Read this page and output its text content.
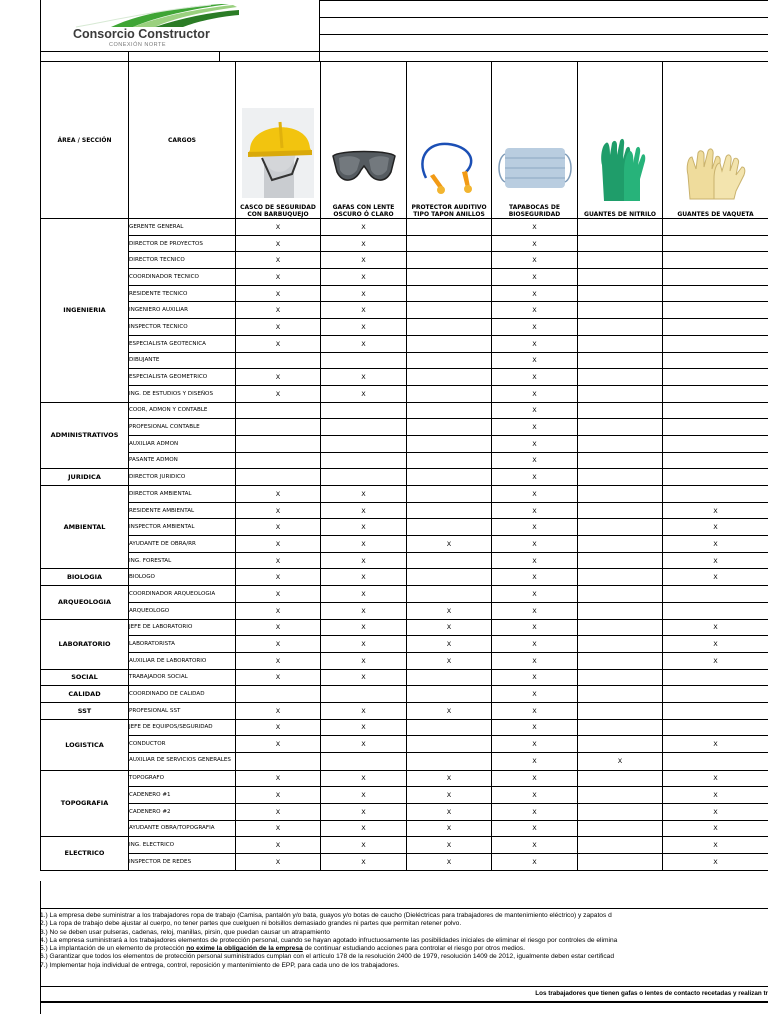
Consorcio Constructor
CONEXIÓN NORTE
ÁREA / SECCIÓN	CARGOS	CASCO DE SEGURIDAD CON BARBUQUEJO	GAFAS CON LENTE OSCURO Ó CLARO	PROTECTOR AUDITIVO TIPO TAPON ANILLOS	TAPABOCAS DE BIOSEGURIDAD	GUANTES DE NITRILO	GUANTES DE VAQUETA
INGENIERIA	GERENTE GENERAL	X	X		X		
	DIRECTOR DE PROYECTOS	X	X		X		
	DIRECTOR TECNICO	X	X		X		
	COORDINADOR TECNICO	X	X		X		
	RESIDENTE TECNICO	X	X		X		
	INGENIERO AUXILIAR	X	X		X		
	INSPECTOR TECNICO	X	X		X		
	ESPECIALISTA GEOTECNICA	X	X		X		
	DIBUJANTE				X		
	ESPECIALISTA GEOMETRICO	X	X		X		
	ING. DE ESTUDIOS Y DISEÑOS	X	X		X		
ADMINISTRATIVOS	COOR, ADMON Y CONTABLE				X		
	PROFESIONAL CONTABLE				X		
	AUXILIAR ADMON				X		
	PASANTE ADMON				X		
JURIDICA	DIRECTOR JURIDICO				X		
AMBIENTAL	DIRECTOR AMBIENTAL	X	X		X		
	RESIDENTE AMBIENTAL	X	X		X		X
	INSPECTOR AMBIENTAL	X	X		X		X
	AYUDANTE DE OBRA/RR	X	X	X	X		X
	ING. FORESTAL	X	X		X		X
BIOLOGIA	BIOLOGO	X	X		X		X
ARQUEOLOGIA	COORDINADOR ARQUEOLOGIA	X	X		X		
	ARQUEOLOGO	X	X	X	X		
LABORATORIO	JEFE DE LABORATORIO	X	X	X	X		X
	LABORATORISTA	X	X	X	X		X
	AUXILIAR DE LABORATORIO	X	X	X	X		X
SOCIAL	TRABAJADOR SOCIAL	X	X		X		
CALIDAD	COORDINADO DE CALIDAD				X		
SST	PROFESIONAL SST	X	X	X	X		
LOGISTICA	JEFE DE EQUIPOS/SEGURIDAD	X	X		X		
	CONDUCTOR	X	X		X		X
	AUXILIAR DE SERVICIOS GENERALES				X	X	
TOPOGRAFIA	TOPOGRAFO	X	X	X	X		X
	CADENERO #1	X	X	X	X		X
	CADENERO #2	X	X	X	X		X
	AYUDANTE OBRA/TOPOGRAFIA	X	X	X	X		X
ELECTRICO	ING. ELECTRICO	X	X	X	X		X
	INSPECTOR DE REDES	X	X	X	X		X
1.) La empresa debe suministrar a los trabajadores ropa de trabajo (Camisa, pantalón y/o bata, guayos y/o botas de caucho (Dieléctricas para trabajadores de mantenimiento eléctrico) y zapatos d
2.) La ropa de trabajo debe ajustar al cuerpo, no tener partes que cuelguen ni bolsillos demasiado grandes ni partes que permitan retener polvo.
3.) No se deben usar pulseras, cadenas, reloj, manillas, pirsin, que puedan causar un atrapamiento
4.) La empresa suministrará a los trabajadores elementos de protección personal, cuando se hayan agotado infructuosamente las posibilidades iniciales de eliminar el riesgo por controles de elimina
5.) La implantación de un elemento de protección no exime la obligación de la empresa de continuar estudiando acciones para controlar el riesgo por otros medios.
6.) Garantizar que todos los elementos de protección personal suministrados cumplan con el artículo 178 de la resolución 2400 de 1979, resolución 1409 de 2012, igualmente deben estar certificad
7.) Implementar hoja individual de entrega, control, reposición y mantenimiento de EPP, para cada uno de los trabajadores.
Los trabajadores que tienen gafas o lentes de contacto recetadas y realizan tr
